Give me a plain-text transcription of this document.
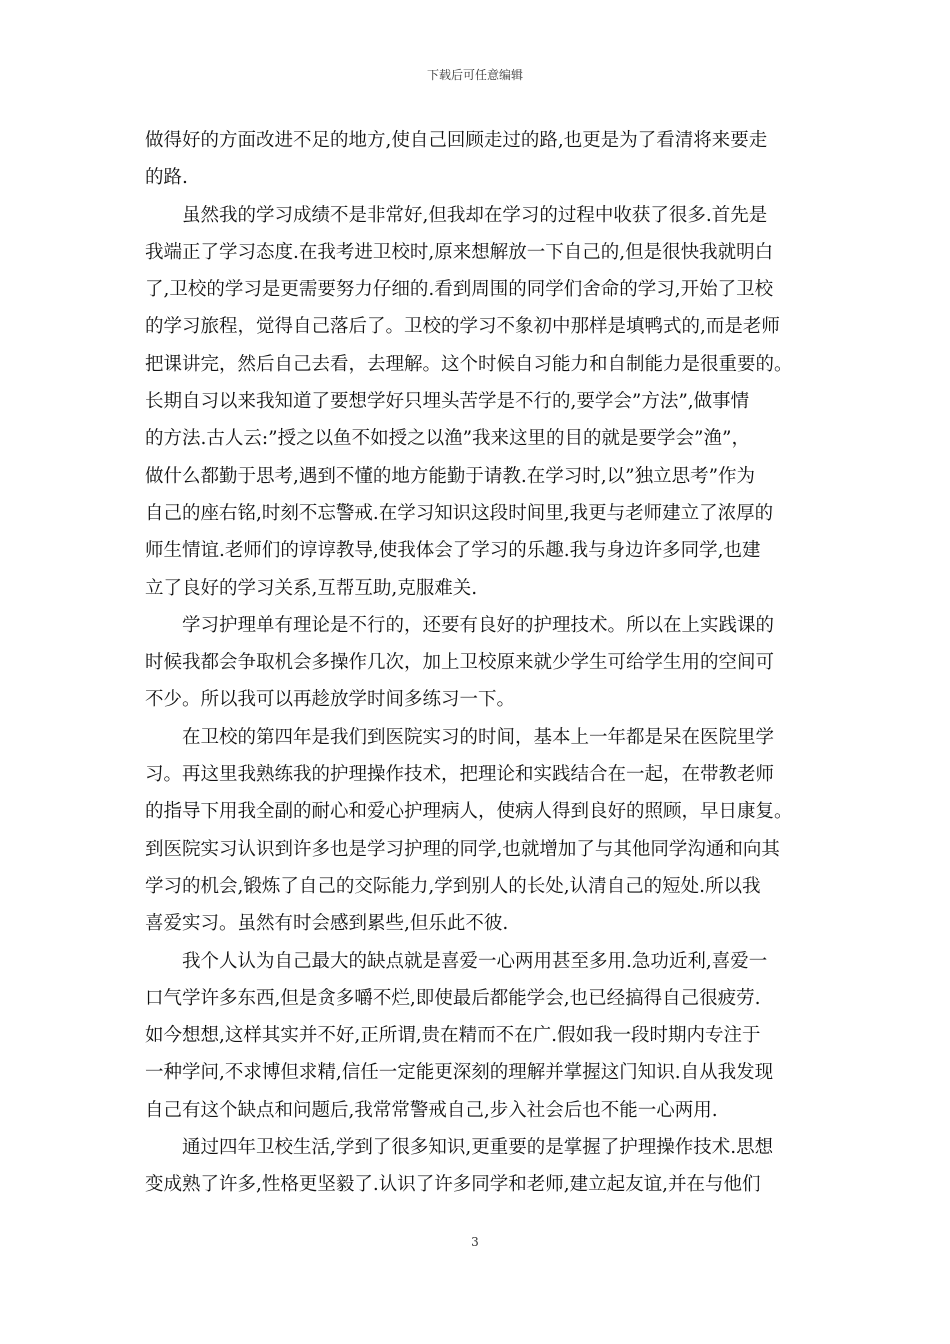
下载后可任意编辑
做得好的方面改进不足的地方,使自己回顾走过的路,也更是为了看清将来要走
的路.
　　虽然我的学习成绩不是非常好,但我却在学习的过程中收获了很多.首先是
我端正了学习态度.在我考进卫校时,原来想解放一下自己的,但是很快我就明白
了,卫校的学习是更需要努力仔细的.看到周围的同学们舍命的学习,开始了卫校
的学习旅程，觉得自己落后了。卫校的学习不象初中那样是填鸭式的,而是老师
把课讲完，然后自己去看，去理解。这个时候自习能力和自制能力是很重要的。
长期自习以来我知道了要想学好只埋头苦学是不行的,要学会”方法”,做事情
的方法.古人云:”授之以鱼不如授之以渔”我来这里的目的就是要学会”渔”，
做什么都勤于思考,遇到不懂的地方能勤于请教.在学习时,以”独立思考”作为
自己的座右铭,时刻不忘警戒.在学习知识这段时间里,我更与老师建立了浓厚的
师生情谊.老师们的谆谆教导,使我体会了学习的乐趣.我与身边许多同学,也建
立了良好的学习关系,互帮互助,克服难关.
　　学习护理单有理论是不行的，还要有良好的护理技术。所以在上实践课的
时候我都会争取机会多操作几次，加上卫校原来就少学生可给学生用的空间可
不少。所以我可以再趁放学时间多练习一下。
　　在卫校的第四年是我们到医院实习的时间，基本上一年都是呆在医院里学
习。再这里我熟练我的护理操作技术，把理论和实践结合在一起，在带教老师
的指导下用我全副的耐心和爱心护理病人，使病人得到良好的照顾，早日康复。
到医院实习认识到许多也是学习护理的同学,也就增加了与其他同学沟通和向其
学习的机会,锻炼了自己的交际能力,学到别人的长处,认清自己的短处.所以我
喜爱实习。虽然有时会感到累些,但乐此不彼.
　　我个人认为自己最大的缺点就是喜爱一心两用甚至多用.急功近利,喜爱一
口气学许多东西,但是贪多嚼不烂,即使最后都能学会,也已经搞得自己很疲劳.
如今想想,这样其实并不好,正所谓,贵在精而不在广.假如我一段时期内专注于
一种学问,不求博但求精,信任一定能更深刻的理解并掌握这门知识.自从我发现
自己有这个缺点和问题后,我常常警戒自己,步入社会后也不能一心两用.
　　通过四年卫校生活,学到了很多知识,更重要的是掌握了护理操作技术.思想
变成熟了许多,性格更坚毅了.认识了许多同学和老师,建立起友谊,并在与他们
3
